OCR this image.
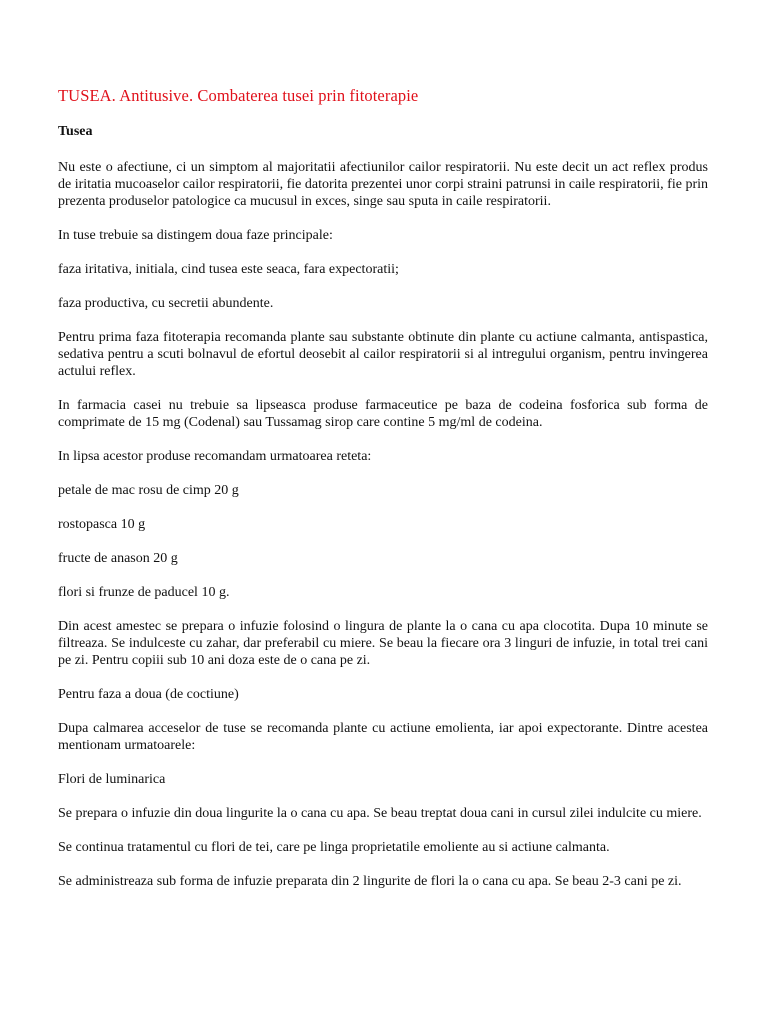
TUSEA. Antitusive. Combaterea tusei prin fitoterapie
Tusea

Nu este o afectiune, ci un simptom al majoritatii afectiunilor cailor respiratorii. Nu este decit un act reflex produs de iritatia mucoaselor cailor respiratorii, fie datorita prezentei unor corpi straini patrunsi in caile respiratorii, fie prin prezenta produselor patologice ca mucusul in exces, singe sau sputa in caile respiratorii.

In tuse trebuie sa distingem doua faze principale:

faza iritativa, initiala, cind tusea este seaca, fara expectoratii;

faza productiva, cu secretii abundente.

Pentru prima faza fitoterapia recomanda plante sau substante obtinute din plante cu actiune calmanta, antispastica, sedativa pentru a scuti bolnavul de efortul deosebit al cailor respiratorii si al intregului organism, pentru invingerea actului reflex.

In farmacia casei nu trebuie sa lipseasca produse farmaceutice pe baza de codeina fosforica sub forma de comprimate de 15 mg (Codenal) sau Tussamag sirop care contine 5 mg/ml de codeina.

In lipsa acestor produse recomandam urmatoarea reteta:

petale de mac rosu de cimp 20 g

rostopasca 10 g

fructe de anason 20 g

flori si frunze de paducel 10 g.

Din acest amestec se prepara o infuzie folosind o lingura de plante la o cana cu apa clocotita. Dupa 10 minute se filtreaza. Se indulceste cu zahar, dar preferabil cu miere. Se beau la fiecare ora 3 linguri de infuzie, in total trei cani pe zi. Pentru copiii sub 10 ani doza este de o cana pe zi.

Pentru faza a doua (de coctiune)

Dupa calmarea acceselor de tuse se recomanda plante cu actiune emolienta, iar apoi expectorante. Dintre acestea mentionam urmatoarele:

Flori de luminarica

Se prepara o infuzie din doua lingurite la o cana cu apa. Se beau treptat doua cani in cursul zilei indulcite cu miere.

Se continua tratamentul cu flori de tei, care pe linga proprietatile emoliente au si actiune calmanta.

Se administreaza sub forma de infuzie preparata din 2 lingurite de flori la o cana cu apa. Se beau 2-3 cani pe zi.
